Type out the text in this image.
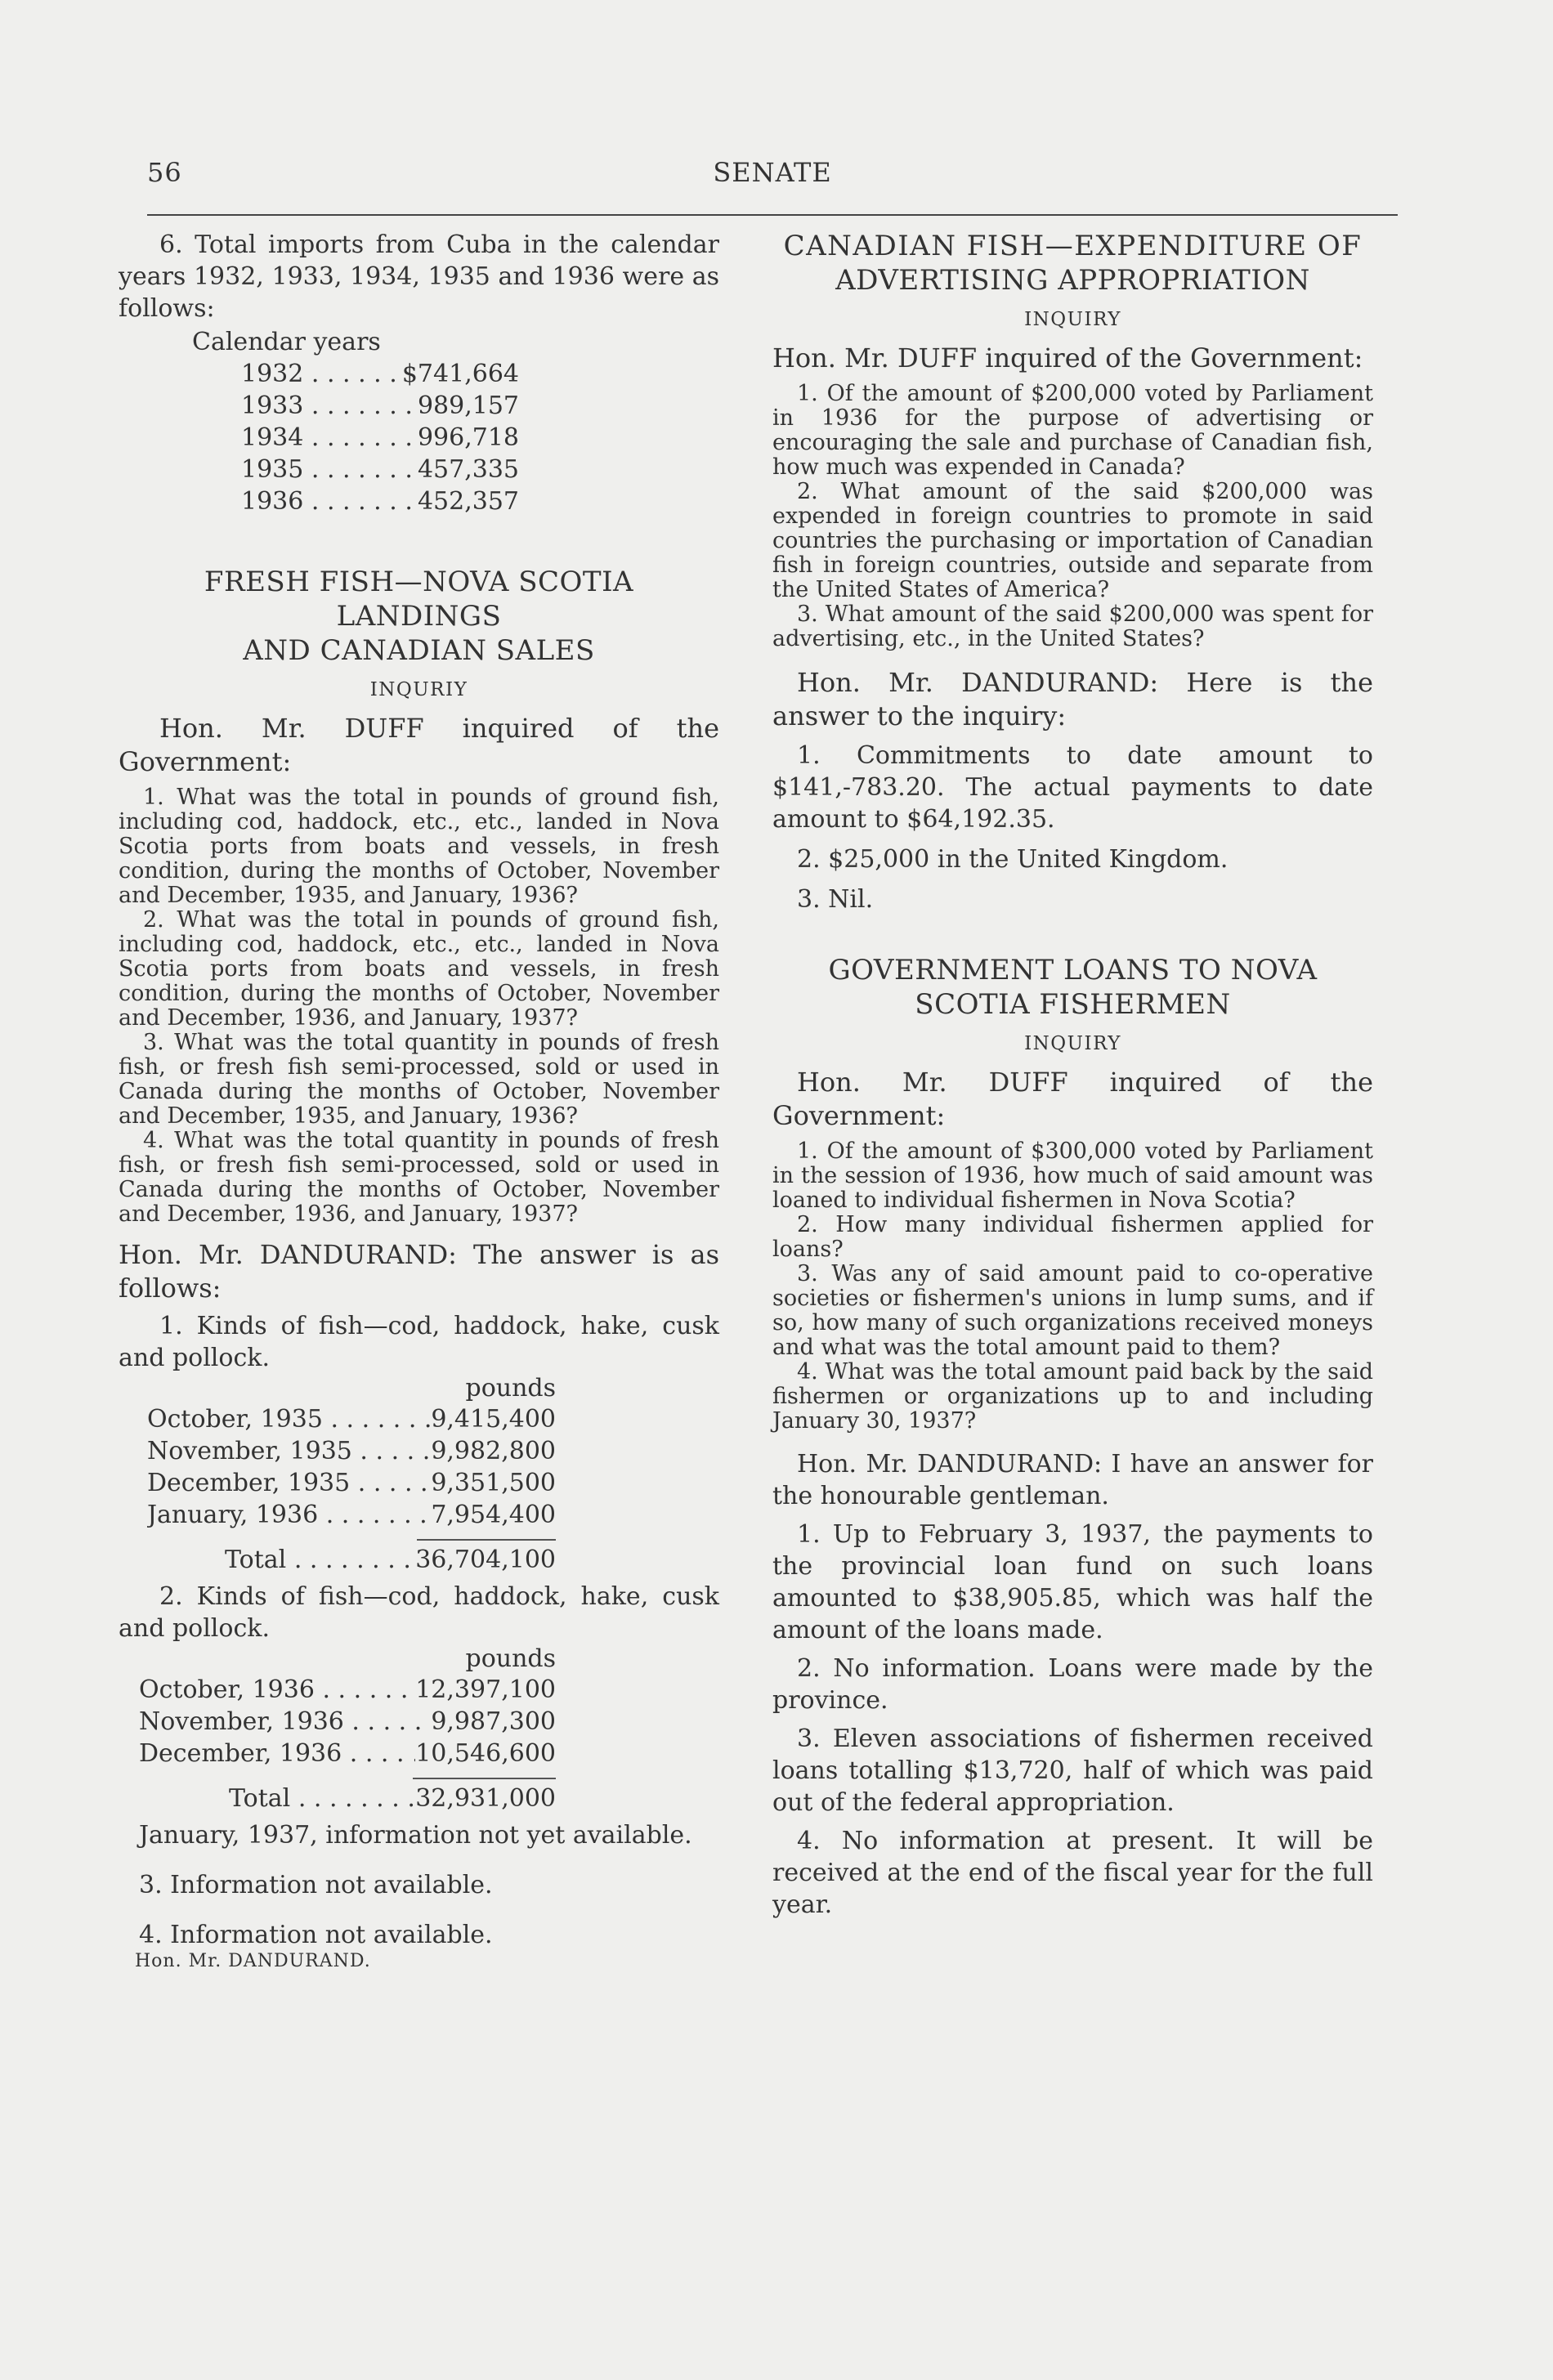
56	SENATE

6. Total imports from Cuba in the calendar years 1932, 1933, 1934, 1935 and 1936 were as follows:

Calendar years
1932 . . .	$741,664
1933 . . .	989,157
1934 . . .	996,718
1935 . . .	457,335
1936 . . .	452,357
FRESH FISH—NOVA SCOTIA LANDINGS
AND CANADIAN SALES
INQURIY

Hon. Mr. DUFF inquired of the Government:

1. What was the total in pounds of ground fish, including cod, haddock, etc., etc., landed in Nova Scotia ports from boats and vessels, in fresh condition, during the months of October, November and December, 1935, and January, 1936?

2. What was the total in pounds of ground fish, including cod, haddock, etc., etc., landed in Nova Scotia ports from boats and vessels, in fresh condition, during the months of October, November and December, 1936, and January, 1937?

3. What was the total quantity in pounds of fresh fish, or fresh fish semi-processed, sold or used in Canada during the months of October, November and December, 1935, and January, 1936?

4. What was the total quantity in pounds of fresh fish, or fresh fish semi-processed, sold or used in Canada during the months of October, November and December, 1936, and January, 1937?

Hon. Mr. DANDURAND: The answer is as follows:

1. Kinds of fish—cod, haddock, hake, cusk and pollock.

pounds
October, 1935 . . .	9,415,400
November, 1935 . . .	9,982,800
December, 1935 . . .	9,351,500
January, 1936 . . .	7,954,400
Total . . .	36,704,100

2. Kinds of fish—cod, haddock, hake, cusk and pollock.

pounds
October, 1936 . . .	12,397,100
November, 1936 . . .	9,987,300
December, 1936 . . .	10,546,600
Total . . .	32,931,000

January, 1937, information not yet available.

3. Information not available.

4. Information not available.

Hon. Mr. DANDURAND.
CANADIAN FISH—EXPENDITURE OF
ADVERTISING APPROPRIATION
INQUIRY

Hon. Mr. DUFF inquired of the Government:

1. Of the amount of $200,000 voted by Parliament in 1936 for the purpose of advertising or encouraging the sale and purchase of Canadian fish, how much was expended in Canada?

2. What amount of the said $200,000 was expended in foreign countries to promote in said countries the purchasing or importation of Canadian fish in foreign countries, outside and separate from the United States of America?

3. What amount of the said $200,000 was spent for advertising, etc., in the United States?

Hon. Mr. DANDURAND: Here is the answer to the inquiry:

1. Commitments to date amount to $141,-783.20. The actual payments to date amount to $64,192.35.

2. $25,000 in the United Kingdom.

3. Nil.

GOVERNMENT LOANS TO NOVA
SCOTIA FISHERMEN
INQUIRY

Hon. Mr. DUFF inquired of the Government:

1. Of the amount of $300,000 voted by Parliament in the session of 1936, how much of said amount was loaned to individual fishermen in Nova Scotia?

2. How many individual fishermen applied for loans?

3. Was any of said amount paid to co-operative societies or fishermen's unions in lump sums, and if so, how many of such organizations received moneys and what was the total amount paid to them?

4. What was the total amount paid back by the said fishermen or organizations up to and including January 30, 1937?

Hon. Mr. DANDURAND: I have an answer for the honourable gentleman.

1. Up to February 3, 1937, the payments to the provincial loan fund on such loans amounted to $38,905.85, which was half the amount of the loans made.

2. No information. Loans were made by the province.

3. Eleven associations of fishermen received loans totalling $13,720, half of which was paid out of the federal appropriation.

4. No information at present. It will be received at the end of the fiscal year for the full year.
